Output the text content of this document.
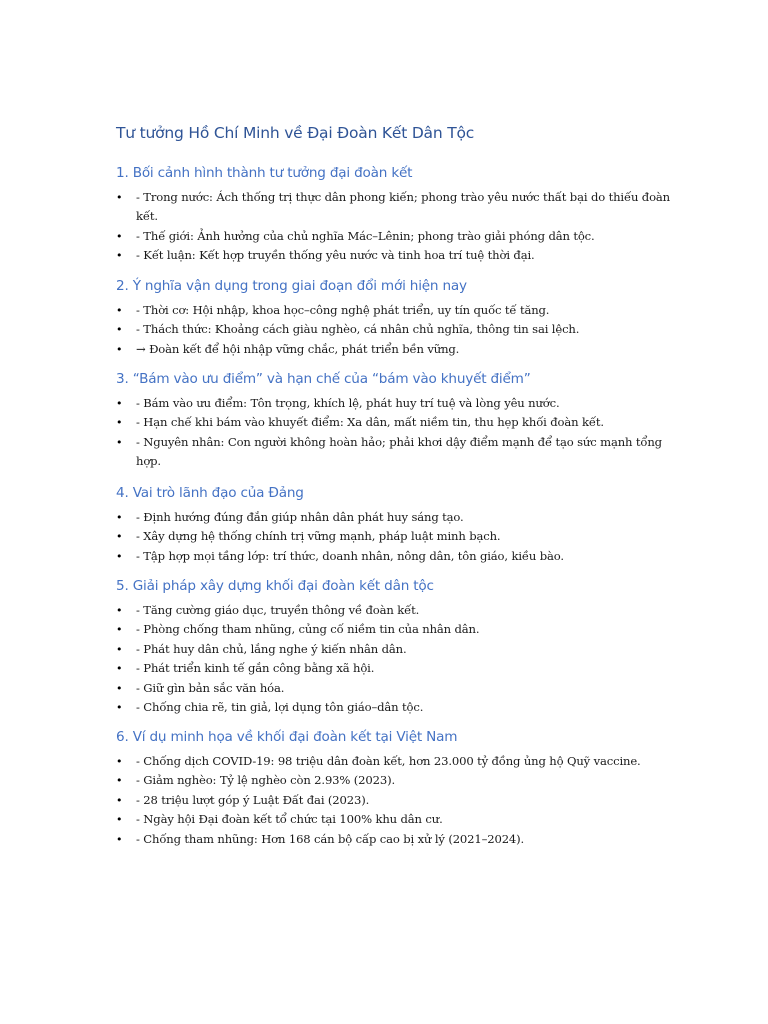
Tư tưởng Hồ Chí Minh về Đại Đoàn Kết Dân Tộc
1. Bối cảnh hình thành tư tưởng đại đoàn kết
•	- Trong nước: Ách thống trị thực dân phong kiến; phong trào yêu nước thất bại do thiếu đoàn kết.
•	- Thế giới: Ảnh hưởng của chủ nghĩa Mác–Lênin; phong trào giải phóng dân tộc.
•	- Kết luận: Kết hợp truyền thống yêu nước và tinh hoa trí tuệ thời đại.
2. Ý nghĩa vận dụng trong giai đoạn đổi mới hiện nay
•	- Thời cơ: Hội nhập, khoa học–công nghệ phát triển, uy tín quốc tế tăng.
•	- Thách thức: Khoảng cách giàu nghèo, cá nhân chủ nghĩa, thông tin sai lệch.
•	→ Đoàn kết để hội nhập vững chắc, phát triển bền vững.
3. “Bám vào ưu điểm” và hạn chế của “bám vào khuyết điểm”
•	- Bám vào ưu điểm: Tôn trọng, khích lệ, phát huy trí tuệ và lòng yêu nước.
•	- Hạn chế khi bám vào khuyết điểm: Xa dân, mất niềm tin, thu hẹp khối đoàn kết.
•	- Nguyên nhân: Con người không hoàn hảo; phải khơi dậy điểm mạnh để tạo sức mạnh tổng hợp.
4. Vai trò lãnh đạo của Đảng
•	- Định hướng đúng đắn giúp nhân dân phát huy sáng tạo.
•	- Xây dựng hệ thống chính trị vững mạnh, pháp luật minh bạch.
•	- Tập hợp mọi tầng lớp: trí thức, doanh nhân, nông dân, tôn giáo, kiều bào.
5. Giải pháp xây dựng khối đại đoàn kết dân tộc
•	- Tăng cường giáo dục, truyền thông về đoàn kết.
•	- Phòng chống tham nhũng, củng cố niềm tin của nhân dân.
•	- Phát huy dân chủ, lắng nghe ý kiến nhân dân.
•	- Phát triển kinh tế gắn công bằng xã hội.
•	- Giữ gìn bản sắc văn hóa.
•	- Chống chia rẽ, tin giả, lợi dụng tôn giáo–dân tộc.
6. Ví dụ minh họa về khối đại đoàn kết tại Việt Nam
•	- Chống dịch COVID-19: 98 triệu dân đoàn kết, hơn 23.000 tỷ đồng ủng hộ Quỹ vaccine.
•	- Giảm nghèo: Tỷ lệ nghèo còn 2.93% (2023).
•	- 28 triệu lượt góp ý Luật Đất đai (2023).
•	- Ngày hội Đại đoàn kết tổ chức tại 100% khu dân cư.
•	- Chống tham nhũng: Hơn 168 cán bộ cấp cao bị xử lý (2021–2024).
